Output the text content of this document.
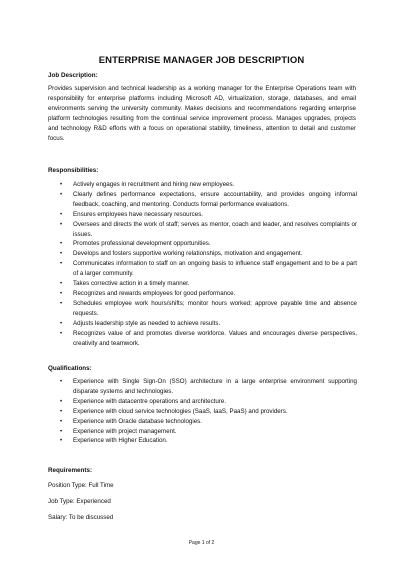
ENTERPRISE MANAGER JOB DESCRIPTION
Job Description:
Provides supervision and technical leadership as a working manager for the Enterprise Operations team with responsibility for enterprise platforms including Microsoft AD, virtualization, storage, databases, and email environments serving the university community. Makes decisions and recommendations regarding enterprise platform technologies resulting from the continual service improvement process. Manages upgrades, projects and technology R&D efforts with a focus on operational stability, timeliness, attention to detail and customer focus.
Responsibilities:
• Actively engages in recruitment and hiring new employees.
• Clearly defines performance expectations, ensure accountability, and provides ongoing informal feedback, coaching, and mentoring. Conducts formal performance evaluations.
• Ensures employees have necessary resources.
• Oversees and directs the work of staff; serves as mentor, coach and leader, and resolves complaints or issues.
• Promotes professional development opportunities.
• Develops and fosters supportive working relationships, motivation and engagement.
• Communicates information to staff on an ongoing basis to influence staff engagement and to be a part of a larger community.
• Takes corrective action in a timely manner.
• Recognizes and rewards employees for good performance.
• Schedules employee work hours/shifts; monitor hours worked; approve payable time and absence requests.
• Adjusts leadership style as needed to achieve results.
• Recognizes value of and promotes diverse workforce. Values and encourages diverse perspectives, creativity and teamwork.
Qualifications:
• Experience with Single Sign-On (SSO) architecture in a large enterprise environment supporting disparate systems and technologies.
• Experience with datacentre operations and architecture.
• Experience with cloud service technologies (SaaS, IaaS, PaaS) and providers.
• Experience with Oracle database technologies.
• Experience with project management.
• Experience with Higher Education.
Requirements:
Position Type: Full Time
Job Type: Experienced
Salary: To be discussed
Page 1 of 2
